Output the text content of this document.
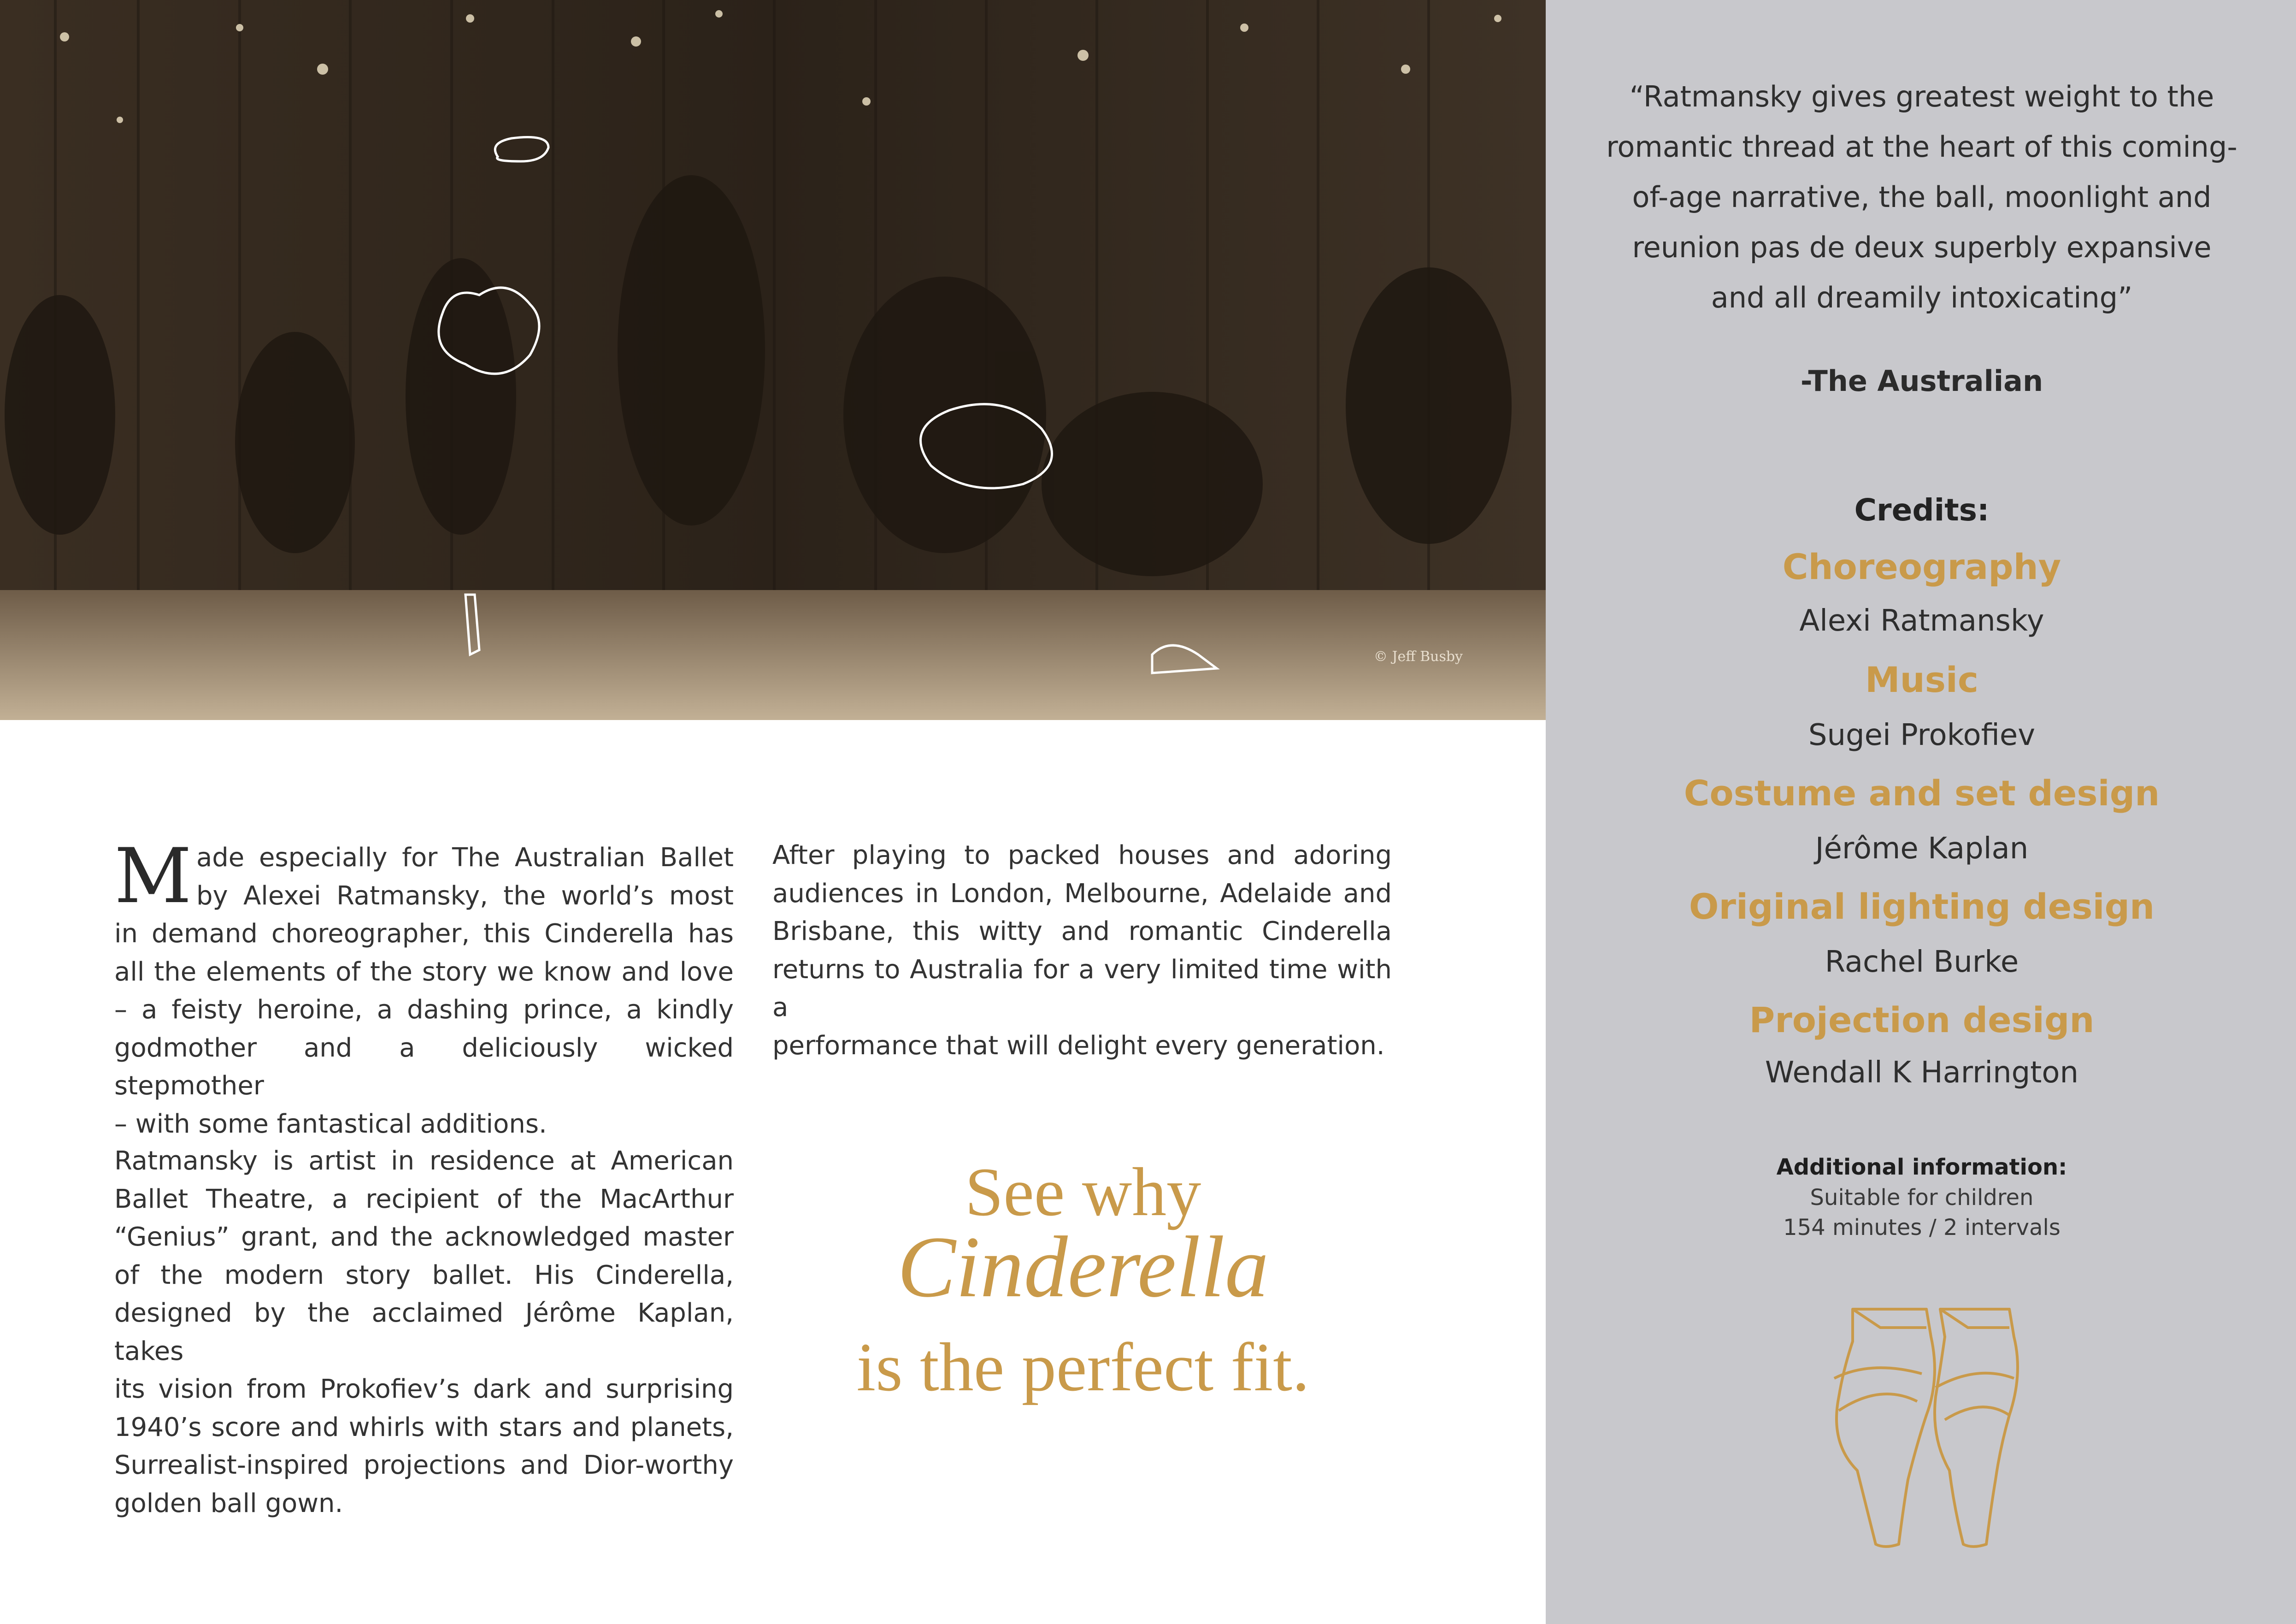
© Jeff Busby
M ade especially for The Australian Ballet

by Alexei Ratmansky, the world’s most

in demand choreographer, this Cinderella has

all the elements of the story we know and love

– a feisty heroine, a dashing prince, a kindly

godmother and a deliciously wicked stepmother

– with some fantastical additions.

Ratmansky is artist in residence at American

Ballet Theatre, a recipient of the MacArthur

“Genius” grant, and the acknowledged master

of the modern story ballet. His Cinderella,

designed by the acclaimed Jérôme Kaplan, takes

its vision from Prokofiev’s dark and surprising

1940’s score and whirls with stars and planets,

Surrealist-inspired projections and Dior-worthy

golden ball gown.

After playing to packed houses and adoring

audiences in London, Melbourne, Adelaide and

Brisbane, this witty and romantic Cinderella

returns to Australia for a very limited time with a

performance that will delight every generation.

See why
Cinderella
is the perfect fit.
“Ratmansky gives greatest weight to the
romantic thread at the heart of this coming-
of-age narrative, the ball, moonlight and
reunion pas de deux superbly expansive
and all dreamily intoxicating”
-The Australian
Credits:
Choreography
Alexi Ratmansky
Music
Sugei Prokofiev
Costume and set design
Jérôme Kaplan
Original lighting design
Rachel Burke
Projection design
Wendall K Harrington
Additional information:
Suitable for children
154 minutes / 2 intervals
